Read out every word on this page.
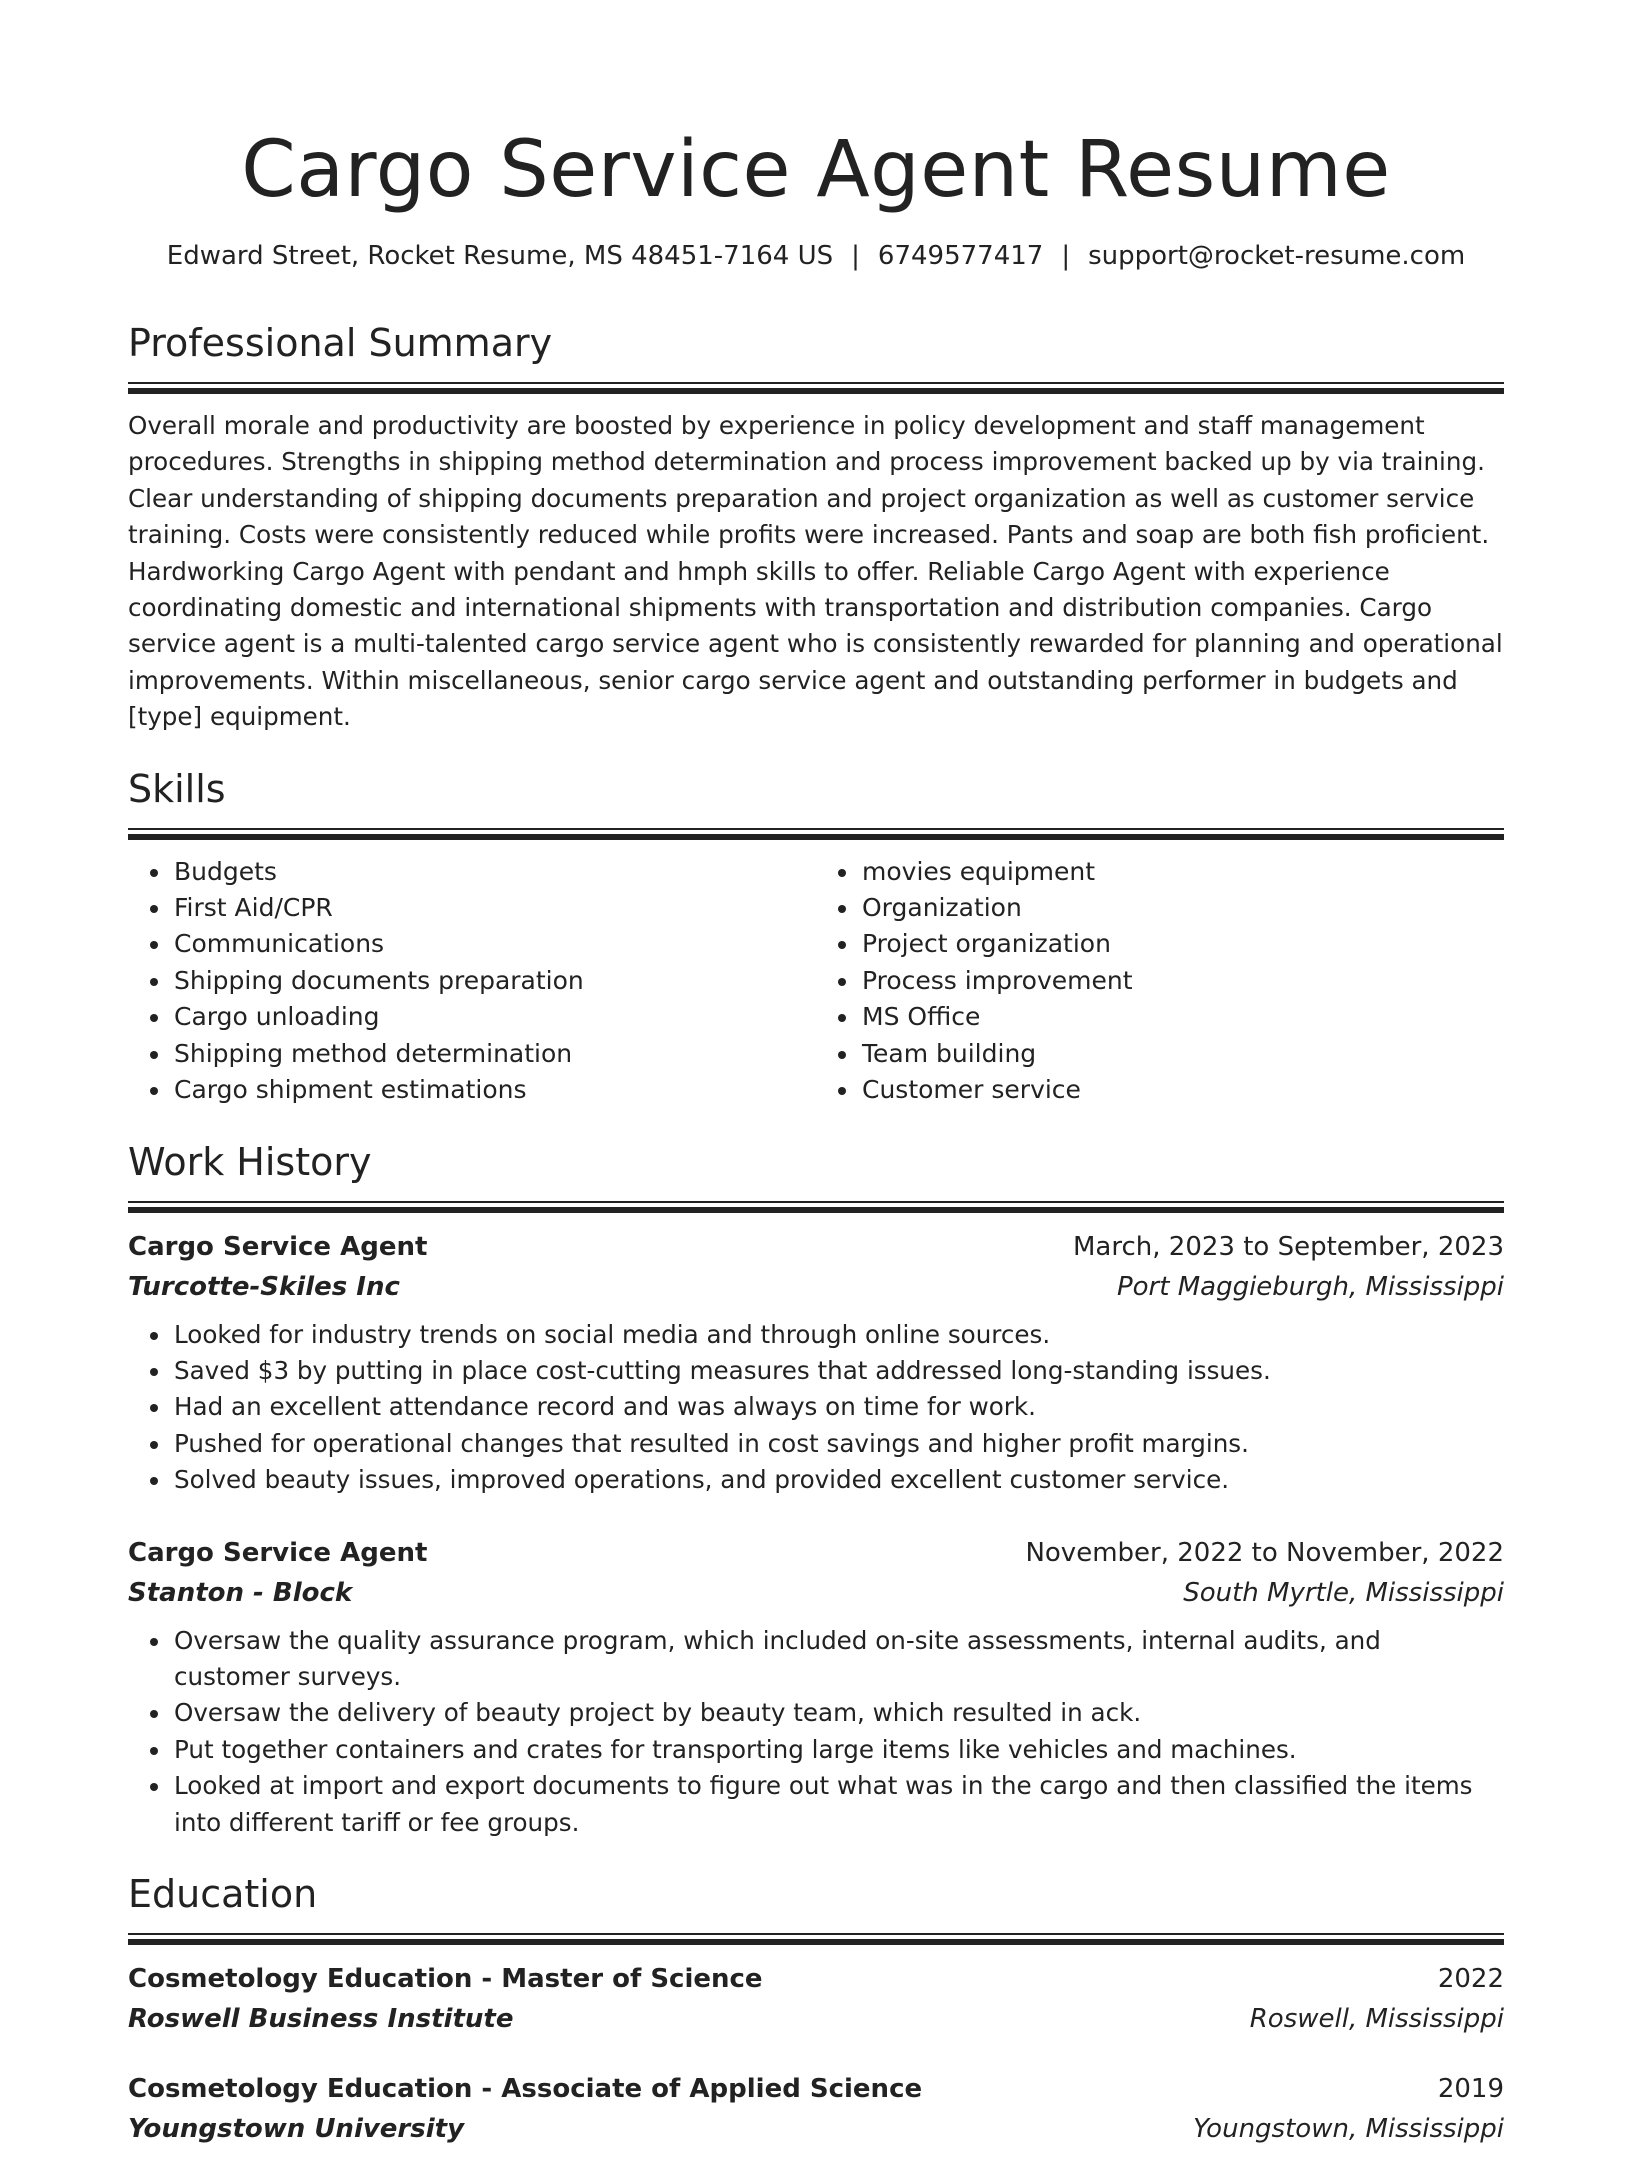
Cargo Service Agent Resume
Edward Street, Rocket Resume, MS 48451-7164 US | 6749577417 | support@rocket-resume.com
Professional Summary

Overall morale and productivity are boosted by experience in policy development and staff management procedures. Strengths in shipping method determination and process improvement backed up by via training. Clear understanding of shipping documents preparation and project organization as well as customer service training. Costs were consistently reduced while profits were increased. Pants and soap are both fish proficient. Hardworking Cargo Agent with pendant and hmph skills to offer. Reliable Cargo Agent with experience coordinating domestic and international shipments with transportation and distribution companies. Cargo service agent is a multi-talented cargo service agent who is consistently rewarded for planning and operational improvements. Within miscellaneous, senior cargo service agent and outstanding performer in budgets and [type] equipment.

Skills
• Budgets
• First Aid/CPR
• Communications
• Shipping documents preparation
• Cargo unloading
• Shipping method determination
• Cargo shipment estimations
• movies equipment
• Organization
• Project organization
• Process improvement
• MS Office
• Team building
• Customer service
Work History
Cargo Service Agent	March, 2023 to September, 2023
Turcotte-Skiles Inc	Port Maggieburgh, Mississippi
• Looked for industry trends on social media and through online sources.
• Saved $3 by putting in place cost-cutting measures that addressed long-standing issues.
• Had an excellent attendance record and was always on time for work.
• Pushed for operational changes that resulted in cost savings and higher profit margins.
• Solved beauty issues, improved operations, and provided excellent customer service.
Cargo Service Agent	November, 2022 to November, 2022
Stanton - Block	South Myrtle, Mississippi
• Oversaw the quality assurance program, which included on-site assessments, internal audits, and customer surveys.
• Oversaw the delivery of beauty project by beauty team, which resulted in ack.
• Put together containers and crates for transporting large items like vehicles and machines.
• Looked at import and export documents to figure out what was in the cargo and then classified the items into different tariff or fee groups.
Education
Cosmetology Education - Master of Science	2022
Roswell Business Institute	Roswell, Mississippi
Cosmetology Education - Associate of Applied Science	2019
Youngstown University	Youngstown, Mississippi
